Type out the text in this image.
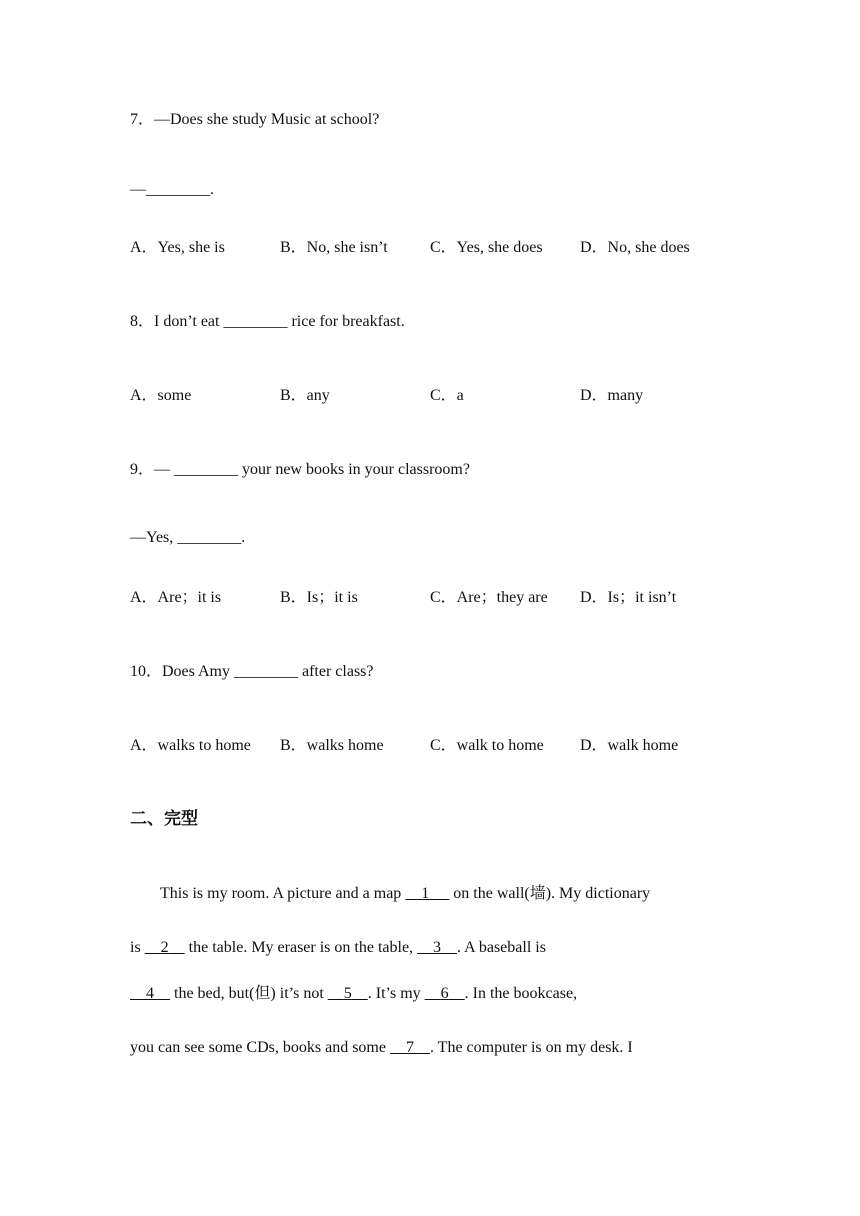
7．—Does she study Music at school?
—________.
A．Yes, she is	B．No, she isn’t	C．Yes, she does D．No, she does
8．I don’t eat ________ rice for breakfast.
A．some	B．any	C．a	D．many
9．— ________ your new books in your classroom?
—Yes, ________.
A．Are；it is	B．Is；it is	C．Are；they are D．Is；it isn’t
10．Does Amy ________ after class?
A．walks to home B．walks home	C．walk to home D．walk home
二、完型
This is my room. A picture and a map     1      on the wall(墙). My dictionary
is     2     the table. My eraser is on the table,     3 . A baseball is
4     the bed, but(但) it’s not     5 . It’s my     6 . In the bookcase,
you can see some CDs, books and some     7 . The computer is on my desk. I
